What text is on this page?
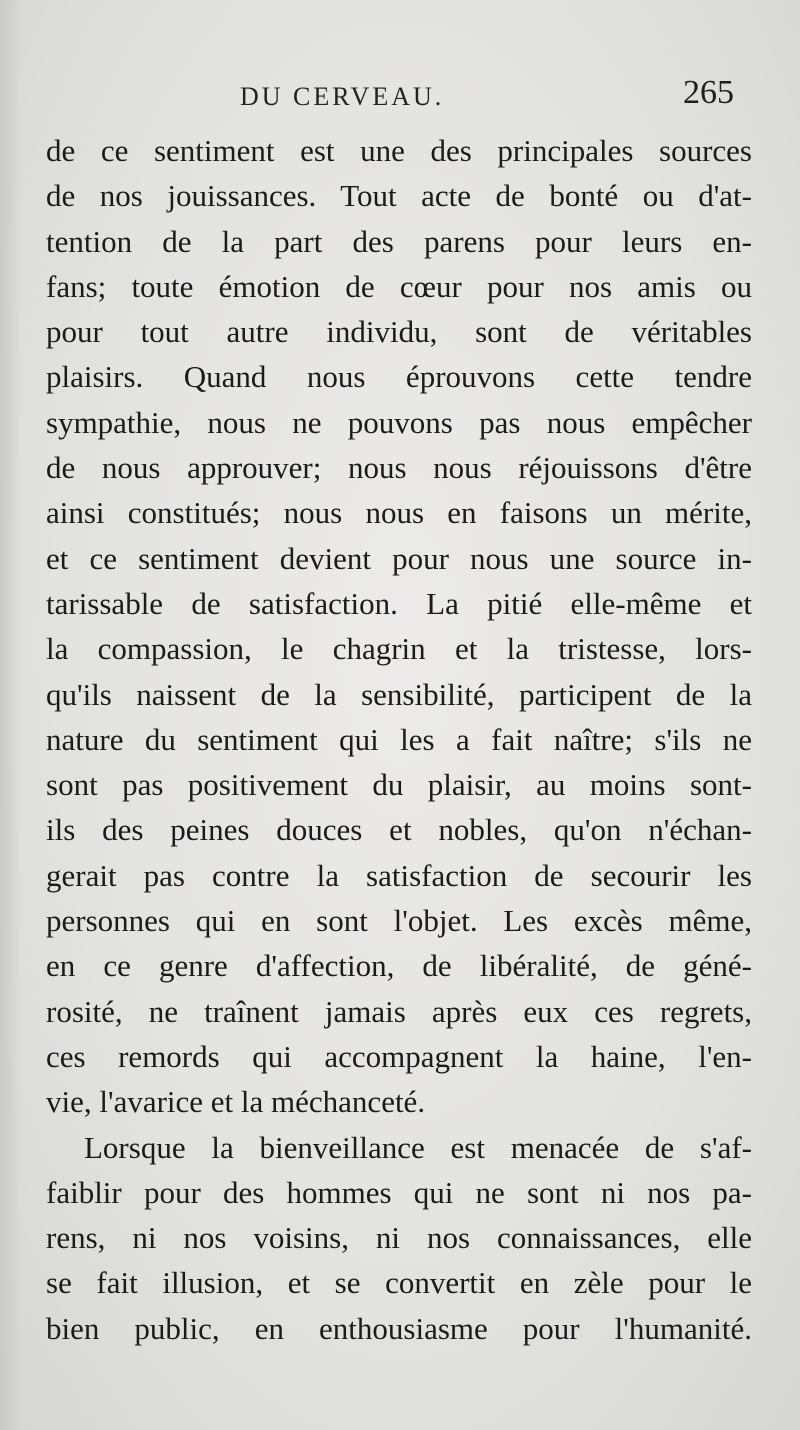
DU CERVEAU.	265
de ce sentiment est une des principales sources
de nos jouissances. Tout acte de bonté ou d'at-
tention de la part des parens pour leurs en-
fans; toute émotion de cœur pour nos amis ou
pour tout autre individu, sont de véritables
plaisirs. Quand nous éprouvons cette tendre
sympathie, nous ne pouvons pas nous empêcher
de nous approuver; nous nous réjouissons d'être
ainsi constitués; nous nous en faisons un mérite,
et ce sentiment devient pour nous une source in-
tarissable de satisfaction. La pitié elle-même et
la compassion, le chagrin et la tristesse, lors-
qu'ils naissent de la sensibilité, participent de la
nature du sentiment qui les a fait naître; s'ils ne
sont pas positivement du plaisir, au moins sont-
ils des peines douces et nobles, qu'on n'échan-
gerait pas contre la satisfaction de secourir les
personnes qui en sont l'objet. Les excès même,
en ce genre d'affection, de libéralité, de géné-
rosité, ne traînent jamais après eux ces regrets,
ces remords qui accompagnent la haine, l'en-
vie, l'avarice et la méchanceté.
Lorsque la bienveillance est menacée de s'af-
faiblir pour des hommes qui ne sont ni nos pa-
rens, ni nos voisins, ni nos connaissances, elle
se fait illusion, et se convertit en zèle pour le
bien public, en enthousiasme pour l'humanité.
